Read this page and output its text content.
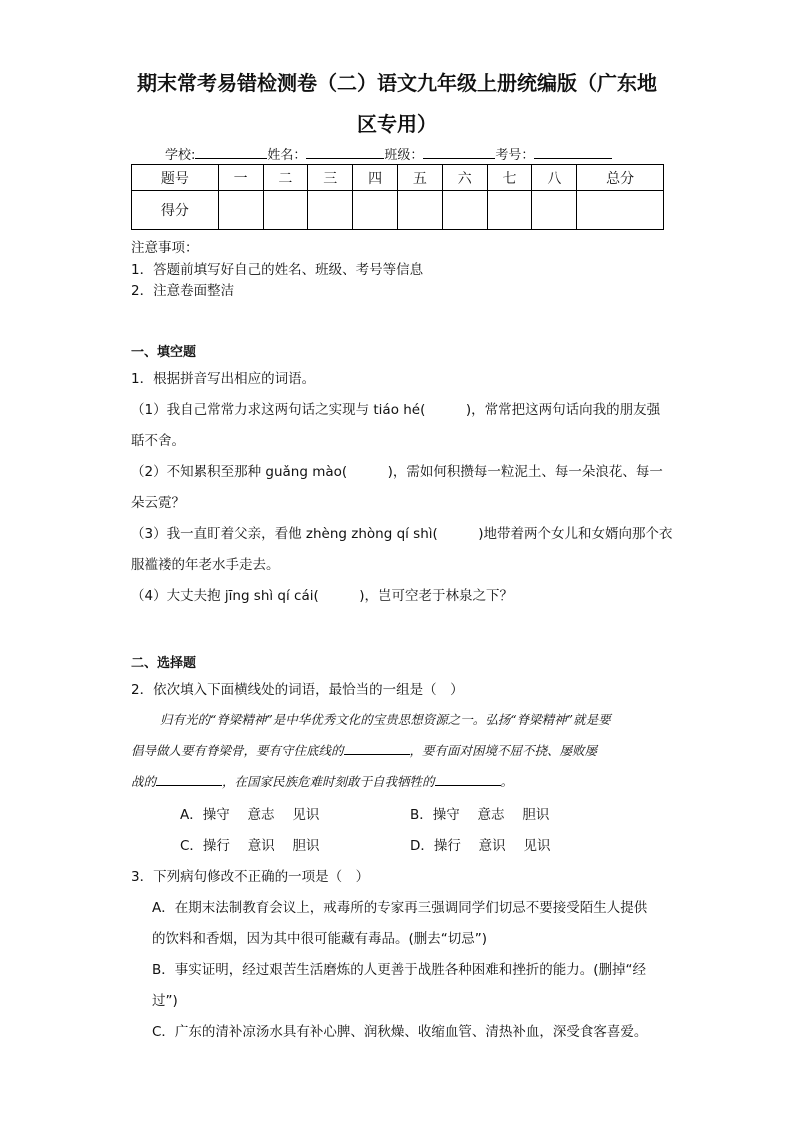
期末常考易错检测卷（二）语文九年级上册统编版（广东地
区专用）
学校:	姓名：	班级：	考号：
题号	一	二	三	四	五	六	七	八	总分
得分									
注意事项：
1．答题前填写好自己的姓名、班级、考号等信息
2．注意卷面整洁
一、填空题
1．根据拼音写出相应的词语。
（1）我自己常常力求这两句话之实现与 tiáo hé(　　　)，常常把这两句话向我的朋友强
聒不舍。
（2）不知累积至那种 guǎng mào(　　　)，需如何积攒每一粒泥土、每一朵浪花、每一
朵云霓？
（3）我一直盯着父亲，看他 zhèng zhòng qí shì(　　　)地带着两个女儿和女婿向那个衣
服褴褛的年老水手走去。
（4）大丈夫抱 jīng shì qí cái(　　　)，岂可空老于林泉之下？
二、选择题
2．依次填入下面横线处的词语，最恰当的一组是（　）
归有光的“脊梁精神”是中华优秀文化的宝贵思想资源之一。弘扬“脊梁精神”就是要
倡导做人要有脊梁骨，要有守住底线的	，要有面对困境不屈不挠、屡败屡
战的	，在国家民族危难时刻敢于自我牺牲的	。
A．操守　 意志　 见识	B．操守　 意志　 胆识
C．操行　 意识　 胆识	D．操行　 意识　 见识
3．下列病句修改不正确的一项是（　）
A．在期末法制教育会议上，戒毒所的专家再三强调同学们切忌不要接受陌生人提供
的饮料和香烟，因为其中很可能藏有毒品。(删去“切忌”)
B．事实证明，经过艰苦生活磨炼的人更善于战胜各种困难和挫折的能力。(删掉“经
过”)
C．广东的清补凉汤水具有补心脾、润秋燥、收缩血管、清热补血，深受食客喜爱。
